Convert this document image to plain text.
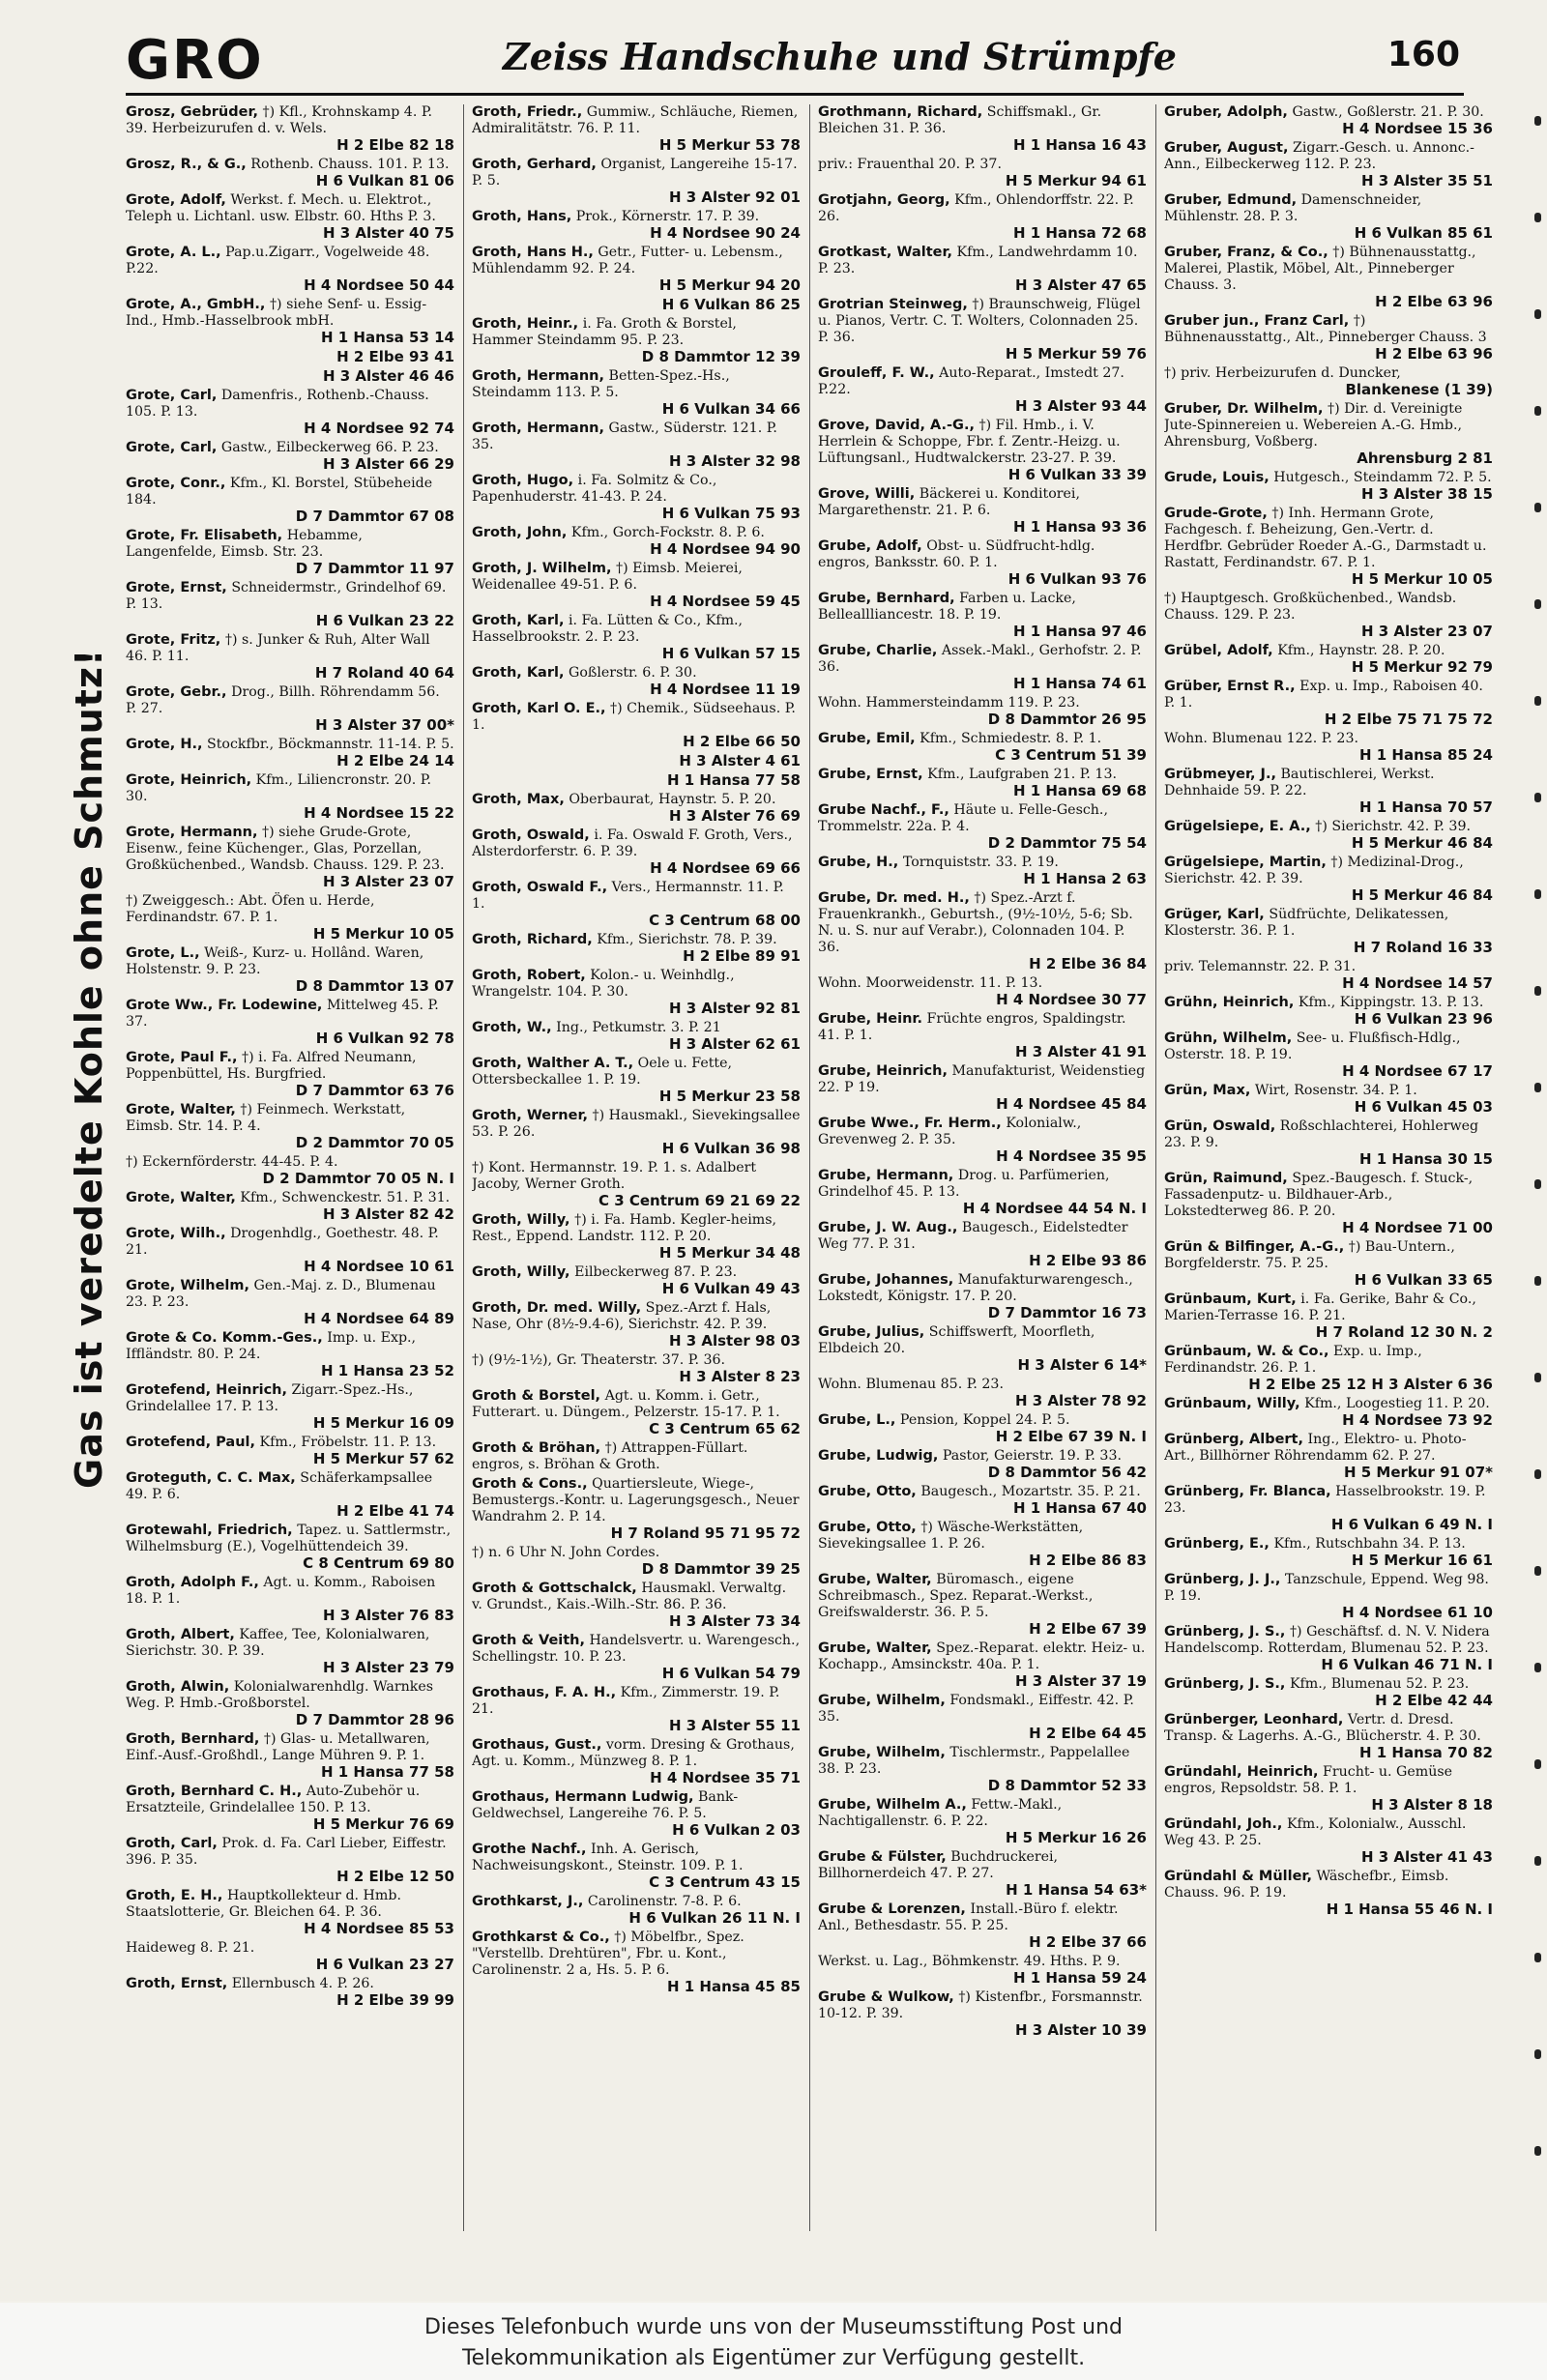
GRO	Zeiss Handschuhe und Strümpfe	160
Gas ist veredelte Kohle ohne Schmutz!
Grosz, Gebrüder, †) Kfl., Krohnskamp 4. P. 39. Herbeizurufen d. v. Wels.
H 2 Elbe 82 18
Grosz, R., & G., Rothenb. Chauss. 101. P. 13.
H 6 Vulkan 81 06
Grote, Adolf, Werkst. f. Mech. u. Elektrot., Teleph u. Lichtanl. usw. Elbstr. 60. Hths P. 3.
H 3 Alster 40 75
Grote, A. L., Pap.u.Zigarr., Vogelweide 48. P.22.
H 4 Nordsee 50 44
Grote, A., GmbH., †) siehe Senf- u. Essig-Ind., Hmb.-Hasselbrook mbH.
H 1 Hansa 53 14
H 2 Elbe 93 41
H 3 Alster 46 46
Grote, Carl, Damenfris., Rothenb.-Chauss. 105. P. 13.
H 4 Nordsee 92 74
Grote, Carl, Gastw., Eilbeckerweg 66. P. 23.
H 3 Alster 66 29
Grote, Conr., Kfm., Kl. Borstel, Stübeheide 184.
D 7 Dammtor 67 08
Grote, Fr. Elisabeth, Hebamme, Langenfelde, Eimsb. Str. 23.
D 7 Dammtor 11 97
Grote, Ernst, Schneidermstr., Grindelhof 69. P. 13.
H 6 Vulkan 23 22
Grote, Fritz, †) s. Junker & Ruh, Alter Wall 46. P. 11.
H 7 Roland 40 64
Grote, Gebr., Drog., Billh. Röhrendamm 56. P. 27.
H 3 Alster 37 00*
Grote, H., Stockfbr., Böckmannstr. 11-14. P. 5.
H 2 Elbe 24 14
Grote, Heinrich, Kfm., Liliencronstr. 20. P. 30.
H 4 Nordsee 15 22
Grote, Hermann, †) siehe Grude-Grote, Eisenw., feine Küchenger., Glas, Porzellan, Großküchenbed., Wandsb. Chauss. 129. P. 23.
H 3 Alster 23 07
†) Zweiggesch.: Abt. Öfen u. Herde, Ferdinandstr. 67. P. 1.
H 5 Merkur 10 05
Grote, L., Weiß-, Kurz- u. Hollând. Waren, Holstenstr. 9. P. 23.
D 8 Dammtor 13 07
Grote Ww., Fr. Lodewine, Mittelweg 45. P. 37.
H 6 Vulkan 92 78
Grote, Paul F., †) i. Fa. Alfred Neumann, Poppenbüttel, Hs. Burgfried.
D 7 Dammtor 63 76
Grote, Walter, †) Feinmech. Werkstatt, Eimsb. Str. 14. P. 4.
D 2 Dammtor 70 05
†) Eckernförderstr. 44-45. P. 4.
D 2 Dammtor 70 05 N. I
Grote, Walter, Kfm., Schwenckestr. 51. P. 31.
H 3 Alster 82 42
Grote, Wilh., Drogenhdlg., Goethestr. 48. P. 21.
H 4 Nordsee 10 61
Grote, Wilhelm, Gen.-Maj. z. D., Blumenau 23. P. 23.
H 4 Nordsee 64 89
Grote & Co. Komm.-Ges., Imp. u. Exp., Iffländstr. 80. P. 24.
H 1 Hansa 23 52
Grotefend, Heinrich, Zigarr.-Spez.-Hs., Grindelallee 17. P. 13.
H 5 Merkur 16 09
Grotefend, Paul, Kfm., Fröbelstr. 11. P. 13.
H 5 Merkur 57 62
Groteguth, C. C. Max, Schäferkampsallee 49. P. 6.
H 2 Elbe 41 74
Grotewahl, Friedrich, Tapez. u. Sattlermstr., Wilhelmsburg (E.), Vogelhüttendeich 39.
C 8 Centrum 69 80
Groth, Adolph F., Agt. u. Komm., Raboisen 18. P. 1.
H 3 Alster 76 83
Groth, Albert, Kaffee, Tee, Kolonialwaren, Sierichstr. 30. P. 39.
H 3 Alster 23 79
Groth, Alwin, Kolonialwarenhdlg. Warnkes Weg. P. Hmb.-Großborstel.
D 7 Dammtor 28 96
Groth, Bernhard, †) Glas- u. Metallwaren, Einf.-Ausf.-Großhdl., Lange Mühren 9. P. 1.
H 1 Hansa 77 58
Groth, Bernhard C. H., Auto-Zubehör u. Ersatzteile, Grindelallee 150. P. 13.
H 5 Merkur 76 69
Groth, Carl, Prok. d. Fa. Carl Lieber, Eiffestr. 396. P. 35.
H 2 Elbe 12 50
Groth, E. H., Hauptkollekteur d. Hmb. Staatslotterie, Gr. Bleichen 64. P. 36.
H 4 Nordsee 85 53
Haideweg 8. P. 21.
H 6 Vulkan 23 27
Groth, Ernst, Ellernbusch 4. P. 26.
H 2 Elbe 39 99
Groth, Friedr., Gummiw., Schläuche, Riemen, Admiralitätstr. 76. P. 11.
H 5 Merkur 53 78
Groth, Gerhard, Organist, Langereihe 15-17. P. 5.
H 3 Alster 92 01
Groth, Hans, Prok., Körnerstr. 17. P. 39.
H 4 Nordsee 90 24
Groth, Hans H., Getr., Futter- u. Lebensm., Mühlendamm 92. P. 24.
H 5 Merkur 94 20
H 6 Vulkan 86 25
Groth, Heinr., i. Fa. Groth & Borstel, Hammer Steindamm 95. P. 23.
D 8 Dammtor 12 39
Groth, Hermann, Betten-Spez.-Hs., Steindamm 113. P. 5.
H 6 Vulkan 34 66
Groth, Hermann, Gastw., Süderstr. 121. P. 35.
H 3 Alster 32 98
Groth, Hugo, i. Fa. Solmitz & Co., Papenhuderstr. 41-43. P. 24.
H 6 Vulkan 75 93
Groth, John, Kfm., Gorch-Fockstr. 8. P. 6.
H 4 Nordsee 94 90
Groth, J. Wilhelm, †) Eimsb. Meierei, Weidenallee 49-51. P. 6.
H 4 Nordsee 59 45
Groth, Karl, i. Fa. Lütten & Co., Kfm., Hasselbrookstr. 2. P. 23.
H 6 Vulkan 57 15
Groth, Karl, Goßlerstr. 6. P. 30.
H 4 Nordsee 11 19
Groth, Karl O. E., †) Chemik., Südseehaus. P. 1.
H 2 Elbe 66 50
H 3 Alster 4 61
H 1 Hansa 77 58
Groth, Max, Oberbaurat, Haynstr. 5. P. 20.
H 3 Alster 76 69
Groth, Oswald, i. Fa. Oswald F. Groth, Vers., Alsterdorferstr. 6. P. 39.
H 4 Nordsee 69 66
Groth, Oswald F., Vers., Hermannstr. 11. P. 1.
C 3 Centrum 68 00
Groth, Richard, Kfm., Sierichstr. 78. P. 39.
H 2 Elbe 89 91
Groth, Robert, Kolon.- u. Weinhdlg., Wrangelstr. 104. P. 30.
H 3 Alster 92 81
Groth, W., Ing., Petkumstr. 3. P. 21
H 3 Alster 62 61
Groth, Walther A. T., Oele u. Fette, Ottersbeckallee 1. P. 19.
H 5 Merkur 23 58
Groth, Werner, †) Hausmakl., Sievekingsallee 53. P. 26.
H 6 Vulkan 36 98
†) Kont. Hermannstr. 19. P. 1. s. Adalbert Jacoby, Werner Groth.
C 3 Centrum 69 21 69 22
Groth, Willy, †) i. Fa. Hamb. Kegler-heims, Rest., Eppend. Landstr. 112. P. 20.
H 5 Merkur 34 48
Groth, Willy, Eilbeckerweg 87. P. 23.
H 6 Vulkan 49 43
Groth, Dr. med. Willy, Spez.-Arzt f. Hals, Nase, Ohr (8½-9.4-6), Sierichstr. 42. P. 39.
H 3 Alster 98 03
†) (9½-1½), Gr. Theaterstr. 37. P. 36.
H 3 Alster 8 23
Groth & Borstel, Agt. u. Komm. i. Getr., Futterart. u. Düngem., Pelzerstr. 15-17. P. 1.
C 3 Centrum 65 62
Groth & Bröhan, †) Attrappen-Füllart. engros, s. Bröhan & Groth.
Groth & Cons., Quartiersleute, Wiege-, Bemustergs.-Kontr. u. Lagerungsgesch., Neuer Wandrahm 2. P. 14.
H 7 Roland 95 71 95 72
†) n. 6 Uhr N. John Cordes.
D 8 Dammtor 39 25
Groth & Gottschalck, Hausmakl. Verwaltg. v. Grundst., Kais.-Wilh.-Str. 86. P. 36.
H 3 Alster 73 34
Groth & Veith, Handelsvertr. u. Warengesch., Schellingstr. 10. P. 23.
H 6 Vulkan 54 79
Grothaus, F. A. H., Kfm., Zimmerstr. 19. P. 21.
H 3 Alster 55 11
Grothaus, Gust., vorm. Dresing & Grothaus, Agt. u. Komm., Münzweg 8. P. 1.
H 4 Nordsee 35 71
Grothaus, Hermann Ludwig, Bank-Geldwechsel, Langereihe 76. P. 5.
H 6 Vulkan 2 03
Grothe Nachf., Inh. A. Gerisch, Nachweisungskont., Steinstr. 109. P. 1.
C 3 Centrum 43 15
Grothkarst, J., Carolinenstr. 7-8. P. 6.
H 6 Vulkan 26 11 N. I
Grothkarst & Co., †) Möbelfbr., Spez. "Verstellb. Drehtüren", Fbr. u. Kont., Carolinenstr. 2 a, Hs. 5. P. 6.
H 1 Hansa 45 85
Grothmann, Richard, Schiffsmakl., Gr. Bleichen 31. P. 36.
H 1 Hansa 16 43
priv.: Frauenthal 20. P. 37.
H 5 Merkur 94 61
Grotjahn, Georg, Kfm., Ohlendorffstr. 22. P. 26.
H 1 Hansa 72 68
Grotkast, Walter, Kfm., Landwehrdamm 10. P. 23.
H 3 Alster 47 65
Grotrian Steinweg, †) Braunschweig, Flügel u. Pianos, Vertr. C. T. Wolters, Colonnaden 25. P. 36.
H 5 Merkur 59 76
Grouleff, F. W., Auto-Reparat., Imstedt 27. P.22.
H 3 Alster 93 44
Grove, David, A.-G., †) Fil. Hmb., i. V. Herrlein & Schoppe, Fbr. f. Zentr.-Heizg. u. Lüftungsanl., Hudtwalckerstr. 23-27. P. 39.
H 6 Vulkan 33 39
Grove, Willi, Bäckerei u. Konditorei, Margarethenstr. 21. P. 6.
H 1 Hansa 93 36
Grube, Adolf, Obst- u. Südfrucht-hdlg. engros, Banksstr. 60. P. 1.
H 6 Vulkan 93 76
Grube, Bernhard, Farben u. Lacke, Belleallliancestr. 18. P. 19.
H 1 Hansa 97 46
Grube, Charlie, Assek.-Makl., Gerhofstr. 2. P. 36.
H 1 Hansa 74 61
Wohn. Hammersteindamm 119. P. 23.
D 8 Dammtor 26 95
Grube, Emil, Kfm., Schmiedestr. 8. P. 1.
C 3 Centrum 51 39
Grube, Ernst, Kfm., Laufgraben 21. P. 13.
H 1 Hansa 69 68
Grube Nachf., F., Häute u. Felle-Gesch., Trommelstr. 22a. P. 4.
D 2 Dammtor 75 54
Grube, H., Tornquiststr. 33. P. 19.
H 1 Hansa 2 63
Grube, Dr. med. H., †) Spez.-Arzt f. Frauenkrankh., Geburtsh., (9½-10½, 5-6; Sb. N. u. S. nur auf Verabr.), Colonnaden 104. P. 36.
H 2 Elbe 36 84
Wohn. Moorweidenstr. 11. P. 13.
H 4 Nordsee 30 77
Grube, Heinr. Früchte engros, Spaldingstr. 41. P. 1.
H 3 Alster 41 91
Grube, Heinrich, Manufakturist, Weidenstieg 22. P 19.
H 4 Nordsee 45 84
Grube Wwe., Fr. Herm., Kolonialw., Grevenweg 2. P. 35.
H 4 Nordsee 35 95
Grube, Hermann, Drog. u. Parfümerien, Grindelhof 45. P. 13.
H 4 Nordsee 44 54 N. I
Grube, J. W. Aug., Baugesch., Eidelstedter Weg 77. P. 31.
H 2 Elbe 93 86
Grube, Johannes, Manufakturwarengesch., Lokstedt, Königstr. 17. P. 20.
D 7 Dammtor 16 73
Grube, Julius, Schiffswerft, Moorfleth, Elbdeich 20.
H 3 Alster 6 14*
Wohn. Blumenau 85. P. 23.
H 3 Alster 78 92
Grube, L., Pension, Koppel 24. P. 5.
H 2 Elbe 67 39 N. I
Grube, Ludwig, Pastor, Geierstr. 19. P. 33.
D 8 Dammtor 56 42
Grube, Otto, Baugesch., Mozartstr. 35. P. 21.
H 1 Hansa 67 40
Grube, Otto, †) Wäsche-Werkstätten, Sievekingsallee 1. P. 26.
H 2 Elbe 86 83
Grube, Walter, Büromasch., eigene Schreibmasch., Spez. Reparat.-Werkst., Greifswalderstr. 36. P. 5.
H 2 Elbe 67 39
Grube, Walter, Spez.-Reparat. elektr. Heiz- u. Kochapp., Amsinckstr. 40a. P. 1.
H 3 Alster 37 19
Grube, Wilhelm, Fondsmakl., Eiffestr. 42. P. 35.
H 2 Elbe 64 45
Grube, Wilhelm, Tischlermstr., Pappelallee 38. P. 23.
D 8 Dammtor 52 33
Grube, Wilhelm A., Fettw.-Makl., Nachtigallenstr. 6. P. 22.
H 5 Merkur 16 26
Grube & Fülster, Buchdruckerei, Billhornerdeich 47. P. 27.
H 1 Hansa 54 63*
Grube & Lorenzen, Install.-Büro f. elektr. Anl., Bethesdastr. 55. P. 25.
H 2 Elbe 37 66
Werkst. u. Lag., Böhmkenstr. 49. Hths. P. 9.
H 1 Hansa 59 24
Grube & Wulkow, †) Kistenfbr., Forsmannstr. 10-12. P. 39.
H 3 Alster 10 39
Gruber, Adolph, Gastw., Goßlerstr. 21. P. 30.
H 4 Nordsee 15 36
Gruber, August, Zigarr.-Gesch. u. Annonc.-Ann., Eilbeckerweg 112. P. 23.
H 3 Alster 35 51
Gruber, Edmund, Damenschneider, Mühlenstr. 28. P. 3.
H 6 Vulkan 85 61
Gruber, Franz, & Co., †) Bühnenausstattg., Malerei, Plastik, Möbel, Alt., Pinneberger Chauss. 3.
H 2 Elbe 63 96
Gruber jun., Franz Carl, †) Bühnenausstattg., Alt., Pinneberger Chauss. 3
H 2 Elbe 63 96
†) priv. Herbeizurufen d. Duncker,
Blankenese (1 39)
Gruber, Dr. Wilhelm, †) Dir. d. Vereinigte Jute-Spinnereien u. Webereien A.-G. Hmb., Ahrensburg, Voßberg.
Ahrensburg 2 81
Grude, Louis, Hutgesch., Steindamm 72. P. 5.
H 3 Alster 38 15
Grude-Grote, †) Inh. Hermann Grote, Fachgesch. f. Beheizung, Gen.-Vertr. d. Herdfbr. Gebrüder Roeder A.-G., Darmstadt u. Rastatt, Ferdinandstr. 67. P. 1.
H 5 Merkur 10 05
†) Hauptgesch. Großküchenbed., Wandsb. Chauss. 129. P. 23.
H 3 Alster 23 07
Grübel, Adolf, Kfm., Haynstr. 28. P. 20.
H 5 Merkur 92 79
Grüber, Ernst R., Exp. u. Imp., Raboisen 40. P. 1.
H 2 Elbe 75 71 75 72
Wohn. Blumenau 122. P. 23.
H 1 Hansa 85 24
Grübmeyer, J., Bautischlerei, Werkst. Dehnhaide 59. P. 22.
H 1 Hansa 70 57
Grügelsiepe, E. A., †) Sierichstr. 42. P. 39.
H 5 Merkur 46 84
Grügelsiepe, Martin, †) Medizinal-Drog., Sierichstr. 42. P. 39.
H 5 Merkur 46 84
Grüger, Karl, Südfrüchte, Delikatessen, Klosterstr. 36. P. 1.
H 7 Roland 16 33
priv. Telemannstr. 22. P. 31.
H 4 Nordsee 14 57
Grühn, Heinrich, Kfm., Kippingstr. 13. P. 13.
H 6 Vulkan 23 96
Grühn, Wilhelm, See- u. Flußfisch-Hdlg., Osterstr. 18. P. 19.
H 4 Nordsee 67 17
Grün, Max, Wirt, Rosenstr. 34. P. 1.
H 6 Vulkan 45 03
Grün, Oswald, Roßschlachterei, Hohlerweg 23. P. 9.
H 1 Hansa 30 15
Grün, Raimund, Spez.-Baugesch. f. Stuck-, Fassadenputz- u. Bildhauer-Arb., Lokstedterweg 86. P. 20.
H 4 Nordsee 71 00
Grün & Bilfinger, A.-G., †) Bau-Untern., Borgfelderstr. 75. P. 25.
H 6 Vulkan 33 65
Grünbaum, Kurt, i. Fa. Gerike, Bahr & Co., Marien-Terrasse 16. P. 21.
H 7 Roland 12 30 N. 2
Grünbaum, W. & Co., Exp. u. Imp., Ferdinandstr. 26. P. 1.
H 2 Elbe 25 12 H 3 Alster 6 36
Grünbaum, Willy, Kfm., Loogestieg 11. P. 20.
H 4 Nordsee 73 92
Grünberg, Albert, Ing., Elektro- u. Photo-Art., Billhörner Röhrendamm 62. P. 27.
H 5 Merkur 91 07*
Grünberg, Fr. Blanca, Hasselbrookstr. 19. P. 23.
H 6 Vulkan 6 49 N. I
Grünberg, E., Kfm., Rutschbahn 34. P. 13.
H 5 Merkur 16 61
Grünberg, J. J., Tanzschule, Eppend. Weg 98. P. 19.
H 4 Nordsee 61 10
Grünberg, J. S., †) Geschäftsf. d. N. V. Nidera Handelscomp. Rotterdam, Blumenau 52. P. 23.
H 6 Vulkan 46 71 N. I
Grünberg, J. S., Kfm., Blumenau 52. P. 23.
H 2 Elbe 42 44
Grünberger, Leonhard, Vertr. d. Dresd. Transp. & Lagerhs. A.-G., Blücherstr. 4. P. 30.
H 1 Hansa 70 82
Gründahl, Heinrich, Frucht- u. Gemüse engros, Repsoldstr. 58. P. 1.
H 3 Alster 8 18
Gründahl, Joh., Kfm., Kolonialw., Ausschl. Weg 43. P. 25.
H 3 Alster 41 43
Gründahl & Müller, Wäschefbr., Eimsb. Chauss. 96. P. 19.
H 1 Hansa 55 46 N. I

Dieses Telefonbuch wurde uns von der Museumsstiftung Post und

Telekommunikation als Eigentümer zur Verfügung gestellt.
